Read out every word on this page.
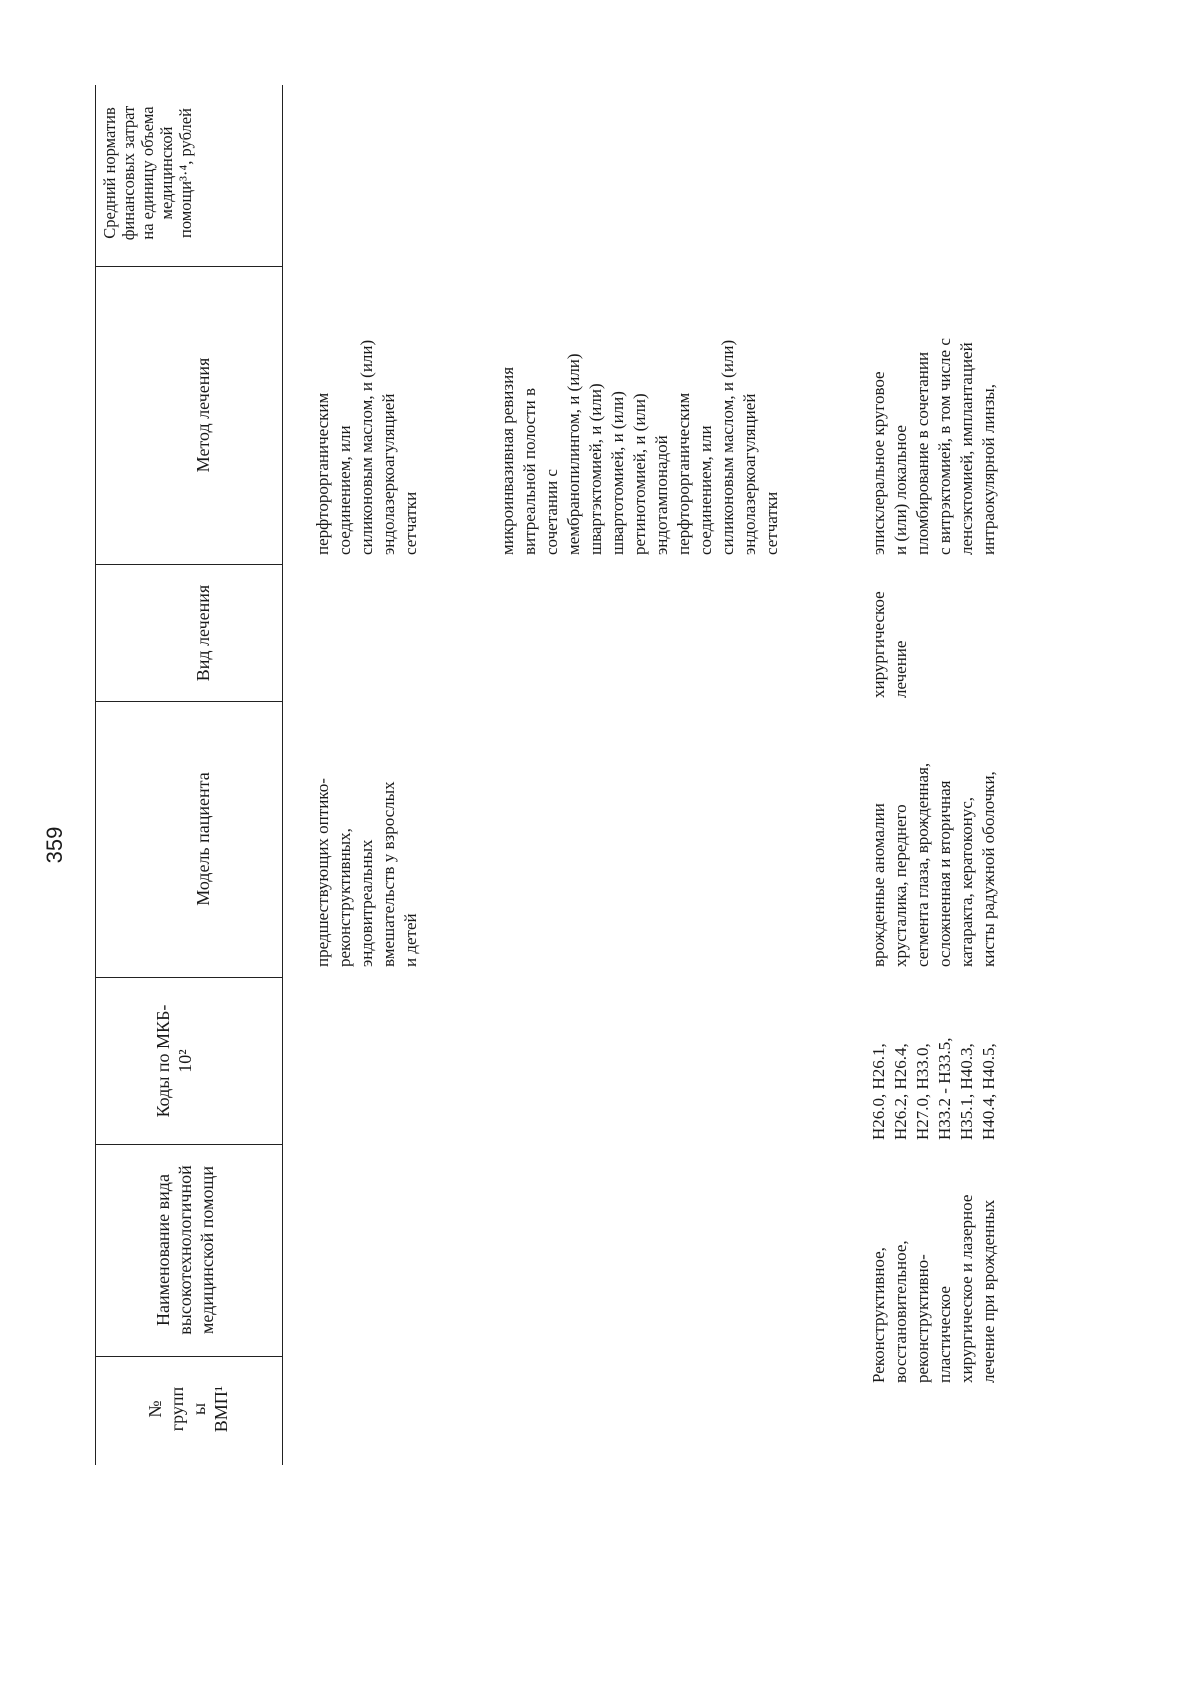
359
№
групп
ы
ВМП¹
Наименование вида
высокотехнологичной
медицинской помощи
Коды по МКБ-
10²
Модель пациента
Вид лечения
Метод лечения
Средний норматив
финансовых затрат
на единицу объема
медицинской
помощи³·⁴, рублей
предшествующих оптико-
реконструктивных,
эндовитреальных
вмешательств у взрослых
и детей
перфторорганическим
соединением, или
силиконовым маслом, и (или)
эндолазеркоагуляцией
сетчатки	микроинвазивная ревизия
витреальной полости в
сочетании с
мембранопилингом, и (или)
швартэктомией, и (или)
швартотомией, и (или)
ретинотомией, и (или)
эндотампонадой
перфторорганическим
соединением, или
силиконовым маслом, и (или)
эндолазеркоагуляцией
сетчатки
Реконструктивное,
восстановительное,
реконструктивно-
пластическое
хирургическое и лазерное
лечение при врожденных
H26.0, H26.1,
H26.2, H26.4,
H27.0, H33.0,
H33.2 - H33.5,
H35.1, H40.3,
H40.4, H40.5,
врожденные аномалии
хрусталика, переднего
сегмента глаза, врожденная,
осложненная и вторичная
катаракта, кератоконус,
кисты радужной оболочки,
хирургическое
лечение
эписклеральное круговое
и (или) локальное
пломбирование в сочетании
с витрэктомией, в том числе с
ленсэктомией, имплантацией
интраокулярной линзы,
